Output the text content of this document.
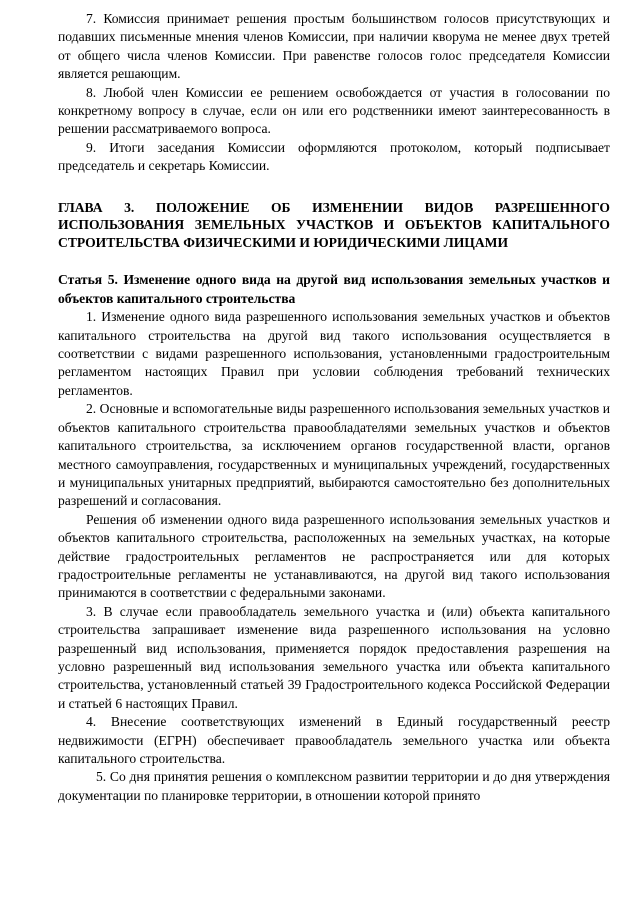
7. Комиссия принимает решения простым большинством голосов присутствующих и подавших письменные мнения членов Комиссии, при наличии кворума не менее двух третей от общего числа членов Комиссии. При равенстве голосов голос председателя Комиссии является решающим.

8. Любой член Комиссии ее решением освобождается от участия в голосовании по конкретному вопросу в случае, если он или его родственники имеют заинтересованность в решении рассматриваемого вопроса.

9. Итоги заседания Комиссии оформляются протоколом, который подписывает председатель и секретарь Комиссии.

ГЛАВА 3. ПОЛОЖЕНИЕ ОБ ИЗМЕНЕНИИ ВИДОВ РАЗРЕШЕННОГО ИСПОЛЬЗОВАНИЯ ЗЕМЕЛЬНЫХ УЧАСТКОВ И ОБЪЕКТОВ КАПИТАЛЬНОГО СТРОИТЕЛЬСТВА ФИЗИЧЕСКИМИ И ЮРИДИЧЕСКИМИ ЛИЦАМИ
Статья 5. Изменение одного вида на другой вид использования земельных участков и объектов капитального строительства

1. Изменение одного вида разрешенного использования земельных участков и объектов капитального строительства на другой вид такого использования осуществляется в соответствии с видами разрешенного использования, установленными градостроительным регламентом настоящих Правил при условии соблюдения требований технических регламентов.

2. Основные и вспомогательные виды разрешенного использования земельных участков и объектов капитального строительства правообладателями земельных участков и объектов капитального строительства, за исключением органов государственной власти, органов местного самоуправления, государственных и муниципальных учреждений, государственных и муниципальных унитарных предприятий, выбираются самостоятельно без дополнительных разрешений и согласования.

Решения об изменении одного вида разрешенного использования земельных участков и объектов капитального строительства, расположенных на земельных участках, на которые действие градостроительных регламентов не распространяется или для которых градостроительные регламенты не устанавливаются, на другой вид такого использования принимаются в соответствии с федеральными законами.

3. В случае если правообладатель земельного участка и (или) объекта капитального строительства запрашивает изменение вида разрешенного использования на условно разрешенный вид использования, применяется порядок предоставления разрешения на условно разрешенный вид использования земельного участка или объекта капитального строительства, установленный статьей 39 Градостроительного кодекса Российской Федерации и статьей 6 настоящих Правил.

4. Внесение соответствующих изменений в Единый государственный реестр недвижимости (ЕГРН) обеспечивает правообладатель земельного участка или объекта капитального строительства.

5. Со дня принятия решения о комплексном развитии территории и до дня утверждения документации по планировке территории, в отношении которой принято
